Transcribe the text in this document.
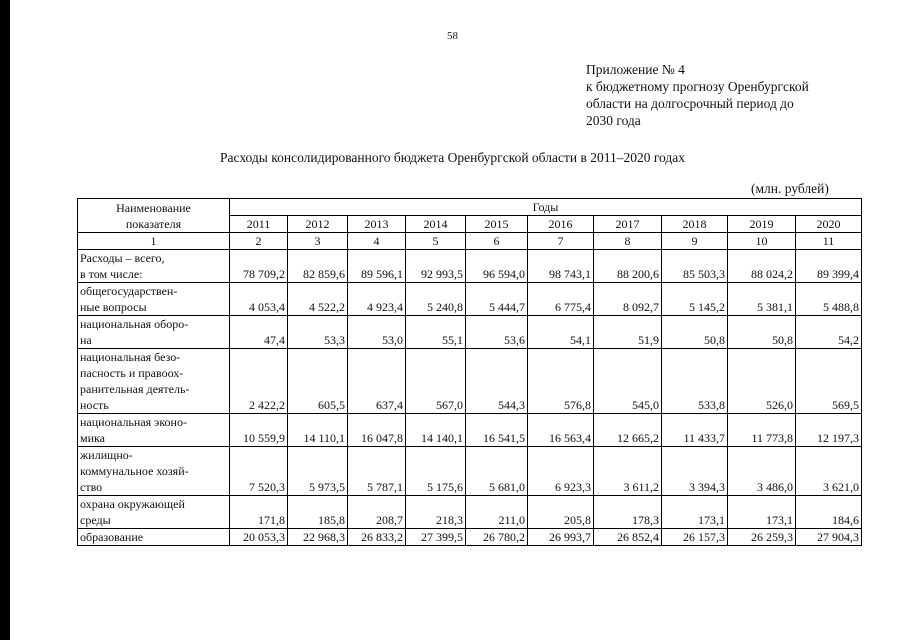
58
Приложение № 4
к бюджетному прогнозу Оренбургской
области на долгосрочный период до
2030 года
Расходы консолидированного бюджета Оренбургской области в 2011–2020 годах
(млн. рублей)
Наименование
показателя	Годы									
	2011	2012	2013	2014	2015	2016	2017	2018	2019	2020
1	2	3	4	5	6	7	8	9	10	11

Расходы – всего,
в том числе:	78 709,2	82 859,6	89 596,1	92 993,5	96 594,0	98 743,1	88 200,6	85 503,3	88 024,2	89 399,4

общегосударствен-
ные вопросы	4 053,4	4 522,2	4 923,4	5 240,8	5 444,7	6 775,4	8 092,7	5 145,2	5 381,1	5 488,8

национальная оборо-
на	47,4	53,3	53,0	55,1	53,6	54,1	51,9	50,8	50,8	54,2

национальная безо-
пасность и правоох-
ранительная деятель-
ность	2 422,2	605,5	637,4	567,0	544,3	576,8	545,0	533,8	526,0	569,5

национальная эконо-
мика	10 559,9	14 110,1	16 047,8	14 140,1	16 541,5	16 563,4	12 665,2	11 433,7	11 773,8	12 197,3

жилищно-
коммунальное хозяй-
ство	7 520,3	5 973,5	5 787,1	5 175,6	5 681,0	6 923,3	3 611,2	3 394,3	3 486,0	3 621,0

охрана окружающей
среды	171,8	185,8	208,7	218,3	211,0	205,8	178,3	173,1	173,1	184,6

образование	20 053,3	22 968,3	26 833,2	27 399,5	26 780,2	26 993,7	26 852,4	26 157,3	26 259,3	27 904,3
